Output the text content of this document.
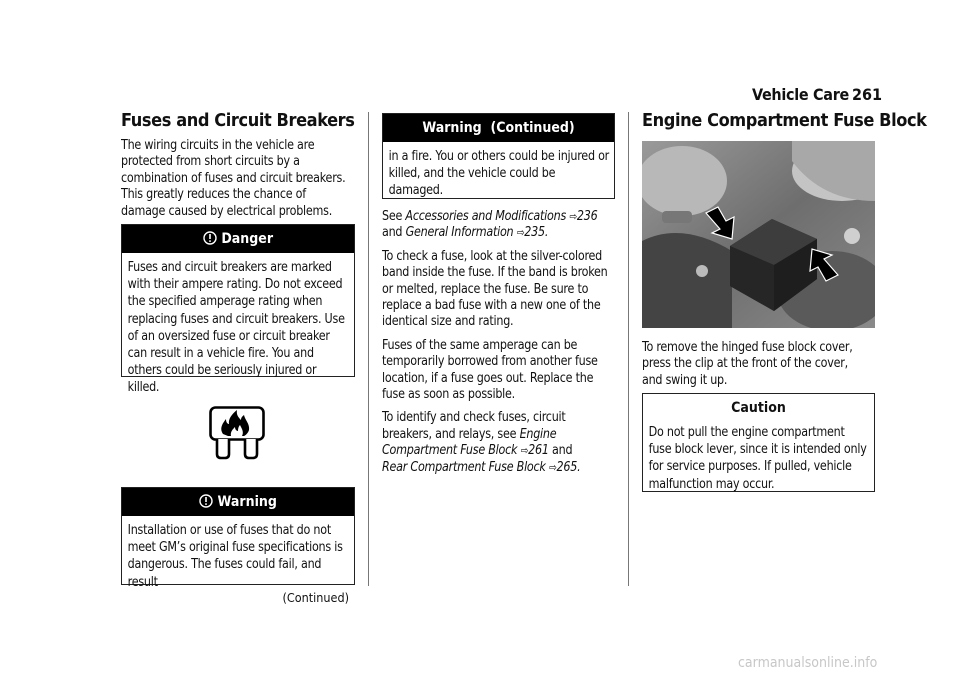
Vehicle Care 261
Fuses and Circuit Breakers
The wiring circuits in the vehicle are protected from short circuits by a combination of fuses and circuit breakers. This greatly reduces the chance of damage caused by electrical problems.
Danger
Fuses and circuit breakers are marked with their ampere rating. Do not exceed the specified amperage rating when replacing fuses and circuit breakers. Use of an oversized fuse or circuit breaker can result in a vehicle fire. You and others could be seriously injured or killed.
Warning
Installation or use of fuses that do not meet GM’s original fuse specifications is dangerous. The fuses could fail, and result
(Continued)
Warning  (Continued)
in a fire. You or others could be injured or killed, and the vehicle could be damaged.

See Accessories and Modifications ⇨236 and General Information ⇨235.

To check a fuse, look at the silver-colored band inside the fuse. If the band is broken or melted, replace the fuse. Be sure to replace a bad fuse with a new one of the identical size and rating.

Fuses of the same amperage can be temporarily borrowed from another fuse location, if a fuse goes out. Replace the fuse as soon as possible.

To identify and check fuses, circuit breakers, and relays, see Engine Compartment Fuse Block ⇨261 and
Rear Compartment Fuse Block ⇨265.

Engine Compartment Fuse Block
To remove the hinged fuse block cover, press the clip at the front of the cover, and swing it up.
Caution
Do not pull the engine compartment fuse block lever, since it is intended only for service purposes. If pulled, vehicle malfunction may occur.
carmanualsonline.info
